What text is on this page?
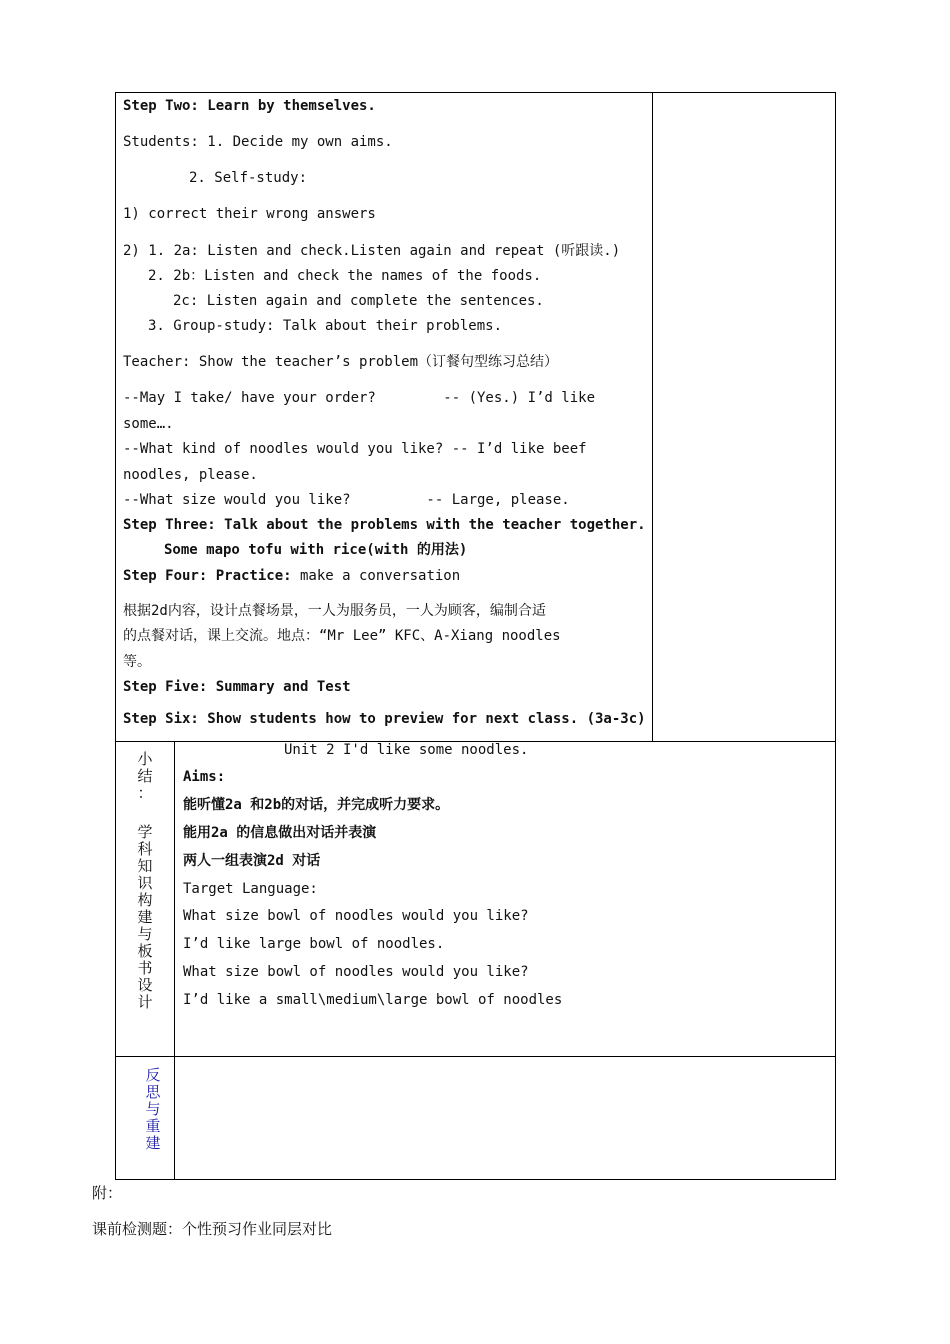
Step Two: Learn by themselves.
Students: 1. Decide my own aims.
2. Self-study:
1) correct their wrong answers
2) 1. 2a: Listen and check.Listen again and repeat (听跟读.)
2. 2b：Listen and check the names of the foods.
2c: Listen again and complete the sentences.
3. Group-study: Talk about their problems.
Teacher: Show the teacher’s problem（订餐句型练习总结）
--May I take/ have your order?        -- (Yes.) I’d like
some….
--What kind of noodles would you like? -- I’d like beef
noodles, please.
--What size would you like?         -- Large, please.
Step Three: Talk about the problems with the teacher together.
Some mapo tofu with rice(with 的用法)
Step Four: Practice: make a conversation
根据2d内容，设计点餐场景，一人为服务员，一人为顾客，编制合适
的点餐对话，课上交流。地点：“Mr Lee” KFC、A-Xiang noodles
等。
Step Five: Summary and Test
Step Six: Show students how to preview for next class. (3a-3c)
小
结
：
学
科
知
识
构
建
与
板
书
设
计
Unit 2 I'd like some noodles.
Aims:
能听懂2a 和2b的对话，并完成听力要求。
能用2a 的信息做出对话并表演
两人一组表演2d 对话
Target Language:
What size bowl of noodles would you like?
I’d like large bowl of noodles.
What size bowl of noodles would you like?
I’d like a small\medium\large bowl of noodles
反
思
与
重
建
附：
课前检测题：个性预习作业同层对比
